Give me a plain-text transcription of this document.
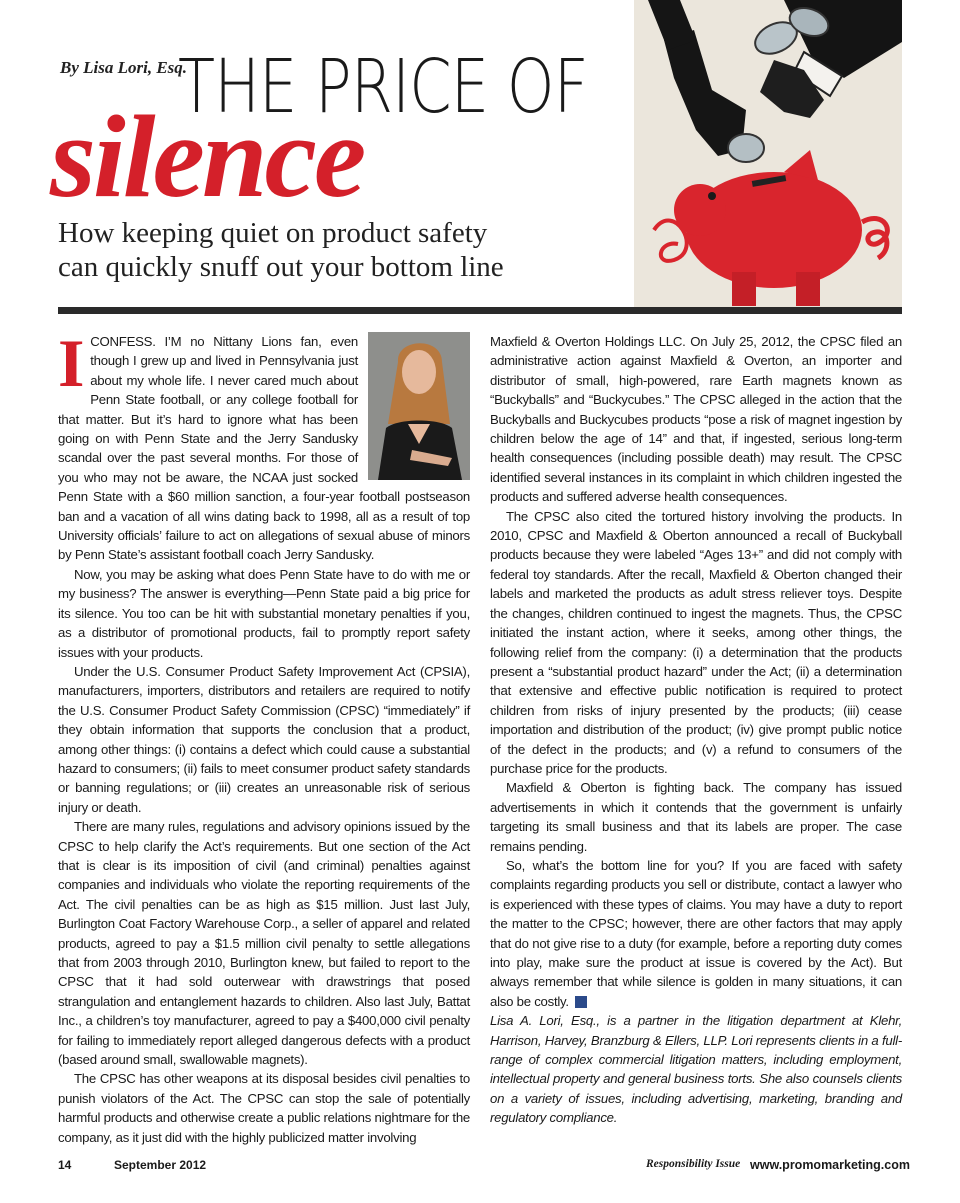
By Lisa Lori, Esq.
THE PRICE OF
silence
How keeping quiet on product safety
can quickly snuff out your bottom line
I CONFESS. I’M no Nittany Lions fan, even though I grew up and lived in Pennsylvania just about my whole life. I never cared much about Penn State football, or any college football for that matter. But it’s hard to ignore what has been going on with Penn State and the Jerry Sandusky scandal over the past several months. For those of you who may not be aware, the NCAA just socked Penn State with a $60 million sanction, a four-year football postseason ban and a vacation of all wins dating back to 1998, all as a result of top University officials’ failure to act on allegations of sexual abuse of minors by Penn State’s assistant football coach Jerry Sandusky.

Now, you may be asking what does Penn State have to do with me or my business? The answer is everything—Penn State paid a big price for its silence. You too can be hit with substantial monetary penalties if you, as a distributor of promotional products, fail to promptly report safety issues with your products.

Under the U.S. Consumer Product Safety Improvement Act (CPSIA), manufacturers, importers, distributors and retailers are required to notify the U.S. Consumer Product Safety Commission (CPSC) “immediately” if they obtain information that supports the conclusion that a product, among other things: (i) contains a defect which could cause a substantial hazard to consumers; (ii) fails to meet consumer product safety standards or banning regulations; or (iii) creates an unreasonable risk of serious injury or death.

There are many rules, regulations and advisory opinions issued by the CPSC to help clarify the Act’s requirements. But one section of the Act that is clear is its imposition of civil (and criminal) penalties against companies and individuals who violate the reporting requirements of the Act. The civil penalties can be as high as $15 million. Just last July, Burlington Coat Factory Warehouse Corp., a seller of apparel and related products, agreed to pay a $1.5 million civil penalty to settle allegations that from 2003 through 2010, Burlington knew, but failed to report to the CPSC that it had sold outerwear with drawstrings that posed strangulation and entanglement hazards to children. Also last July, Battat Inc., a children’s toy manufacturer, agreed to pay a $400,000 civil penalty for failing to immediately report alleged dangerous defects with a product (based around small, swallowable magnets).

The CPSC has other weapons at its disposal besides civil penalties to punish violators of the Act. The CPSC can stop the sale of potentially harmful products and otherwise create a public relations nightmare for the company, as it just did with the highly publicized matter involving

Maxfield & Overton Holdings LLC. On July 25, 2012, the CPSC filed an administrative action against Maxfield & Overton, an importer and distributor of small, high-powered, rare Earth magnets known as “Buckyballs” and “Buckycubes.” The CPSC alleged in the action that the Buckyballs and Buckycubes products “pose a risk of magnet ingestion by children below the age of 14” and that, if ingested, serious long-term health consequences (including possible death) may result. The CPSC identified several instances in its complaint in which children ingested the products and suffered adverse health consequences.

The CPSC also cited the tortured history involving the products. In 2010, CPSC and Maxfield & Oberton announced a recall of Buckyball products because they were labeled “Ages 13+” and did not comply with federal toy standards. After the recall, Maxfield & Oberton changed their labels and marketed the products as adult stress reliever toys. Despite the changes, children continued to ingest the magnets. Thus, the CPSC initiated the instant action, where it seeks, among other things, the following relief from the company: (i) a determination that the products present a “substantial product hazard” under the Act; (ii) a determination that extensive and effective public notification is required to protect children from risks of injury presented by the products; (iii) cease importation and distribution of the product; (iv) give prompt public notice of the defect in the products; and (v) a refund to consumers of the purchase price for the products.

Maxfield & Oberton is fighting back. The company has issued advertisements in which it contends that the government is unfairly targeting its small business and that its labels are proper. The case remains pending.

So, what’s the bottom line for you? If you are faced with safety complaints regarding products you sell or distribute, contact a lawyer who is experienced with these types of claims. You may have a duty to report the matter to the CPSC; however, there are other factors that may apply that do not give rise to a duty (for example, before a reporting duty comes into play, make sure the product at issue is covered by the Act). But always remember that while silence is golden in many situations, it can also be costly.	pm

Lisa A. Lori, Esq., is a partner in the litigation department at Klehr, Harrison, Harvey, Branzburg & Ellers, LLP. Lori represents clients in a full-range of complex commercial litigation matters, including employment, intellectual property and general business torts. She also counsels clients on a variety of issues, including advertising, marketing, branding and regulatory compliance.

14	September 2012	Responsibility Issue www.promomarketing.com
